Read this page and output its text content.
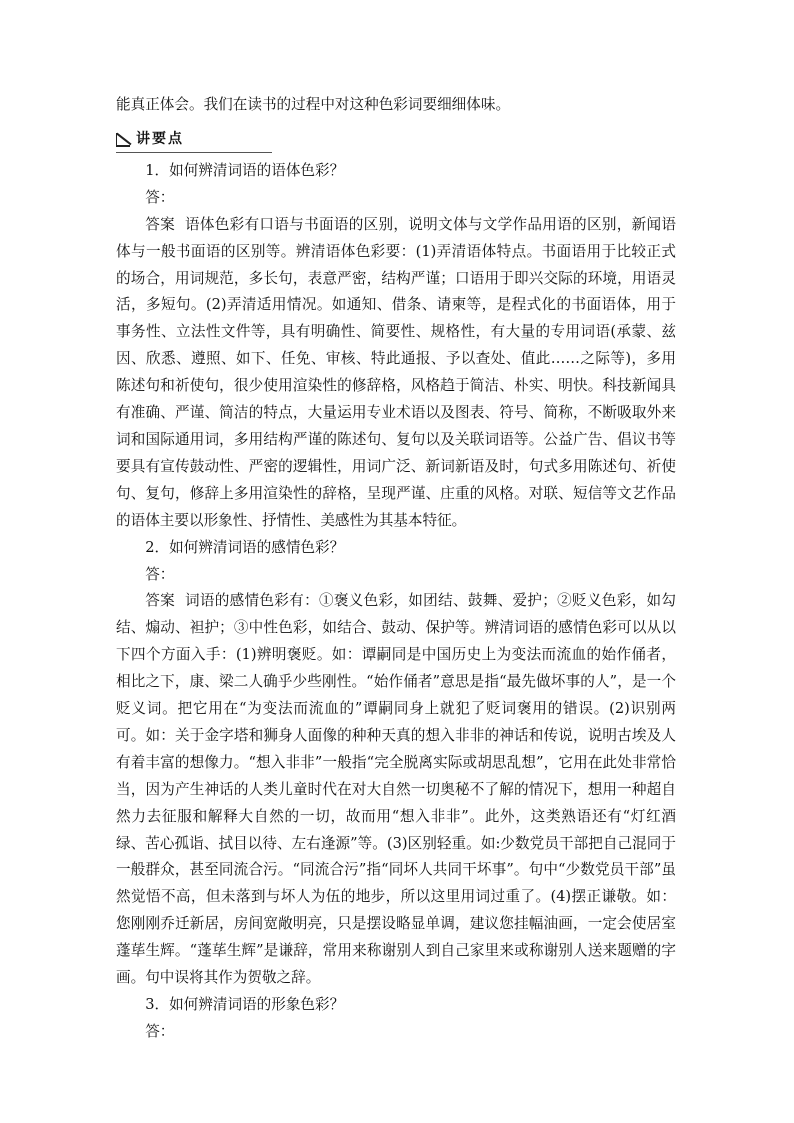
能真正体会。我们在读书的过程中对这种色彩词要细细体味。

讲要点

1．如何辨清词语的语体色彩？

答：

答案 语体色彩有口语与书面语的区别，说明文体与文学作品用语的区别，新闻语体与一般书面语的区别等。辨清语体色彩要：(1)弄清语体特点。书面语用于比较正式的场合，用词规范，多长句，表意严密，结构严谨；口语用于即兴交际的环境，用语灵活，多短句。(2)弄清适用情况。如通知、借条、请柬等，是程式化的书面语体，用于事务性、立法性文件等，具有明确性、简要性、规格性，有大量的专用词语(承蒙、兹因、欣悉、遵照、如下、任免、审核、特此通报、予以查处、值此……之际等)，多用陈述句和祈使句，很少使用渲染性的修辞格，风格趋于简洁、朴实、明快。科技新闻具有准确、严谨、简洁的特点，大量运用专业术语以及图表、符号、简称，不断吸取外来词和国际通用词，多用结构严谨的陈述句、复句以及关联词语等。公益广告、倡议书等要具有宣传鼓动性、严密的逻辑性，用词广泛、新词新语及时，句式多用陈述句、祈使句、复句，修辞上多用渲染性的辞格，呈现严谨、庄重的风格。对联、短信等文艺作品的语体主要以形象性、抒情性、美感性为其基本特征。

2．如何辨清词语的感情色彩？

答：

答案 词语的感情色彩有：①褒义色彩，如团结、鼓舞、爱护；②贬义色彩，如勾结、煽动、袒护；③中性色彩，如结合、鼓动、保护等。辨清词语的感情色彩可以从以下四个方面入手：(1)辨明褒贬。如：谭嗣同是中国历史上为变法而流血的始作俑者，相比之下，康、梁二人确乎少些刚性。“始作俑者”意思是指“最先做坏事的人”，是一个贬义词。把它用在“为变法而流血的”谭嗣同身上就犯了贬词褒用的错误。(2)识别两可。如：关于金字塔和狮身人面像的种种天真的想入非非的神话和传说，说明古埃及人有着丰富的想像力。“想入非非”一般指“完全脱离实际或胡思乱想”，它用在此处非常恰当，因为产生神话的人类儿童时代在对大自然一切奥秘不了解的情况下，想用一种超自然力去征服和解释大自然的一切，故而用“想入非非”。此外，这类熟语还有“灯红酒绿、苦心孤诣、拭目以待、左右逢源”等。(3)区别轻重。如:少数党员干部把自己混同于一般群众，甚至同流合污。“同流合污”指“同坏人共同干坏事”。句中“少数党员干部”虽然觉悟不高，但未落到与坏人为伍的地步，所以这里用词过重了。(4)摆正谦敬。如：您刚刚乔迁新居，房间宽敞明亮，只是摆设略显单调，建议您挂幅油画，一定会使居室蓬荜生辉。“蓬荜生辉”是谦辞，常用来称谢别人到自己家里来或称谢别人送来题赠的字画。句中误将其作为贺敬之辞。

3．如何辨清词语的形象色彩？

答：
